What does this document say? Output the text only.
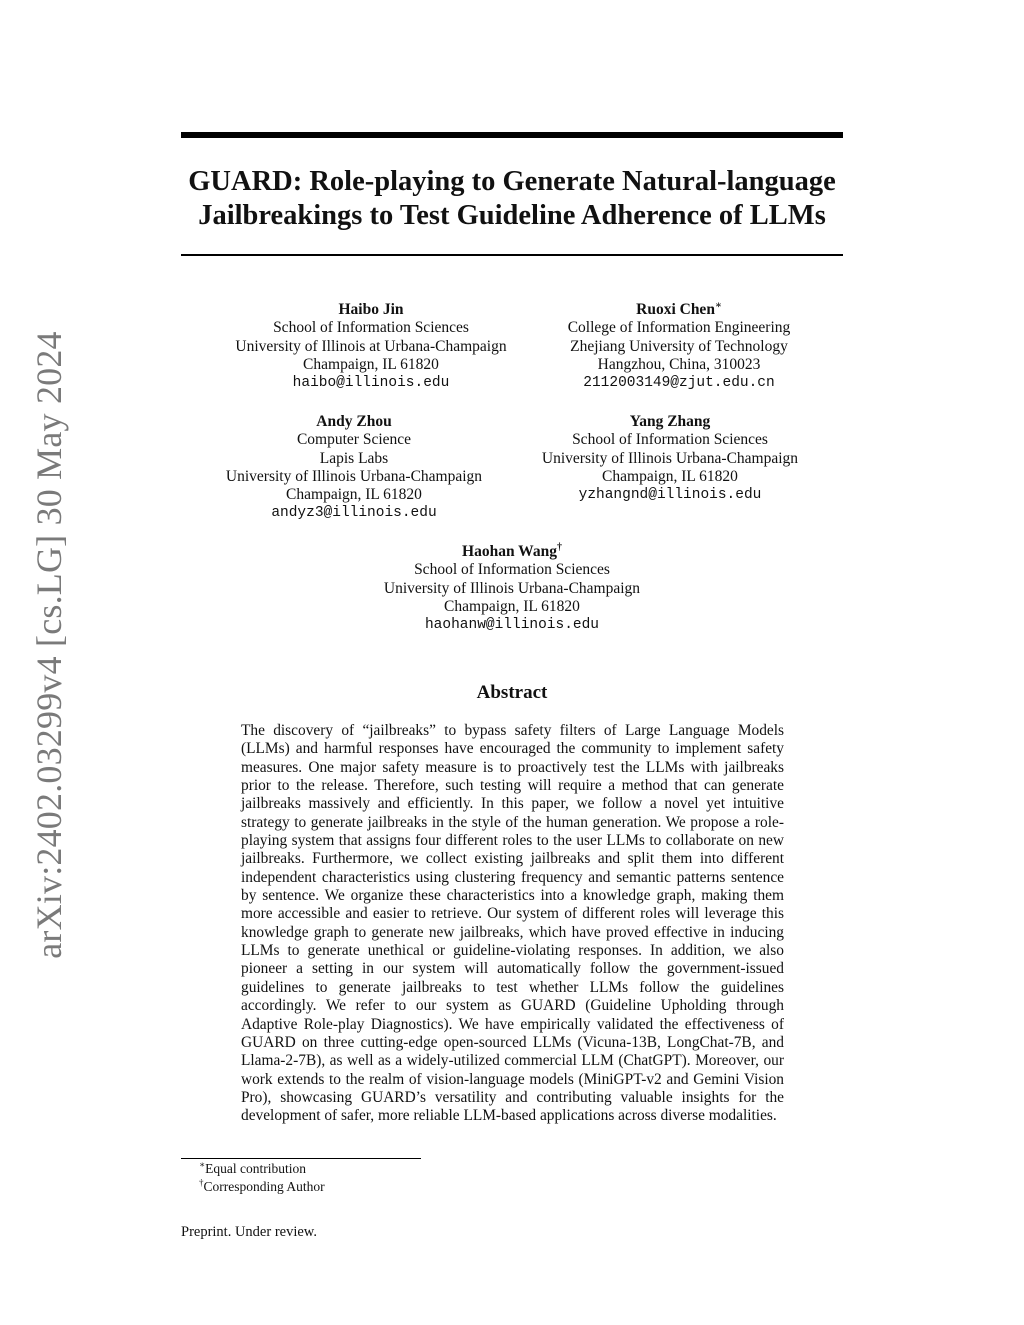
arXiv:2402.03299v4 [cs.LG] 30 May 2024
GUARD: Role-playing to Generate Natural-language
Jailbreakings to Test Guideline Adherence of LLMs
Haibo Jin
School of Information Sciences
University of Illinois at Urbana-Champaign
Champaign, IL 61820
haibo@illinois.edu
Ruoxi Chen∗
College of Information Engineering
Zhejiang University of Technology
Hangzhou, China, 310023
2112003149@zjut.edu.cn
Andy Zhou
Computer Science
Lapis Labs
University of Illinois Urbana-Champaign
Champaign, IL 61820
andyz3@illinois.edu
Yang Zhang
School of Information Sciences
University of Illinois Urbana-Champaign
Champaign, IL 61820
yzhangnd@illinois.edu
Haohan Wang†
School of Information Sciences
University of Illinois Urbana-Champaign
Champaign, IL 61820
haohanw@illinois.edu
Abstract

The discovery of “jailbreaks” to bypass safety filters of Large Language Models (LLMs) and harmful responses have encouraged the community to implement safety measures. One major safety measure is to proactively test the LLMs with jailbreaks prior to the release. Therefore, such testing will require a method that can generate jailbreaks massively and efficiently. In this paper, we follow a novel yet intuitive strategy to generate jailbreaks in the style of the human generation. We propose a role-playing system that assigns four different roles to the user LLMs to collaborate on new jailbreaks. Furthermore, we collect existing jailbreaks and split them into different independent characteristics using clustering frequency and semantic patterns sentence by sentence. We organize these characteristics into a knowledge graph, making them more accessible and easier to retrieve. Our system of different roles will leverage this knowledge graph to generate new jailbreaks, which have proved effective in inducing LLMs to generate unethical or guideline-violating responses. In addition, we also pioneer a setting in our system will automatically follow the government-issued guidelines to generate jailbreaks to test whether LLMs follow the guidelines accordingly. We refer to our system as GUARD (Guideline Upholding through Adaptive Role-play Diagnostics). We have empirically validated the effectiveness of GUARD on three cutting-edge open-sourced LLMs (Vicuna-13B, LongChat-7B, and Llama-2-7B), as well as a widely-utilized commercial LLM (ChatGPT). Moreover, our work extends to the realm of vision-language models (MiniGPT-v2 and Gemini Vision Pro), showcasing GUARD’s versatility and contributing valuable insights for the development of safer, more reliable LLM-based applications across diverse modalities.

∗Equal contribution
†Corresponding Author
Preprint. Under review.
